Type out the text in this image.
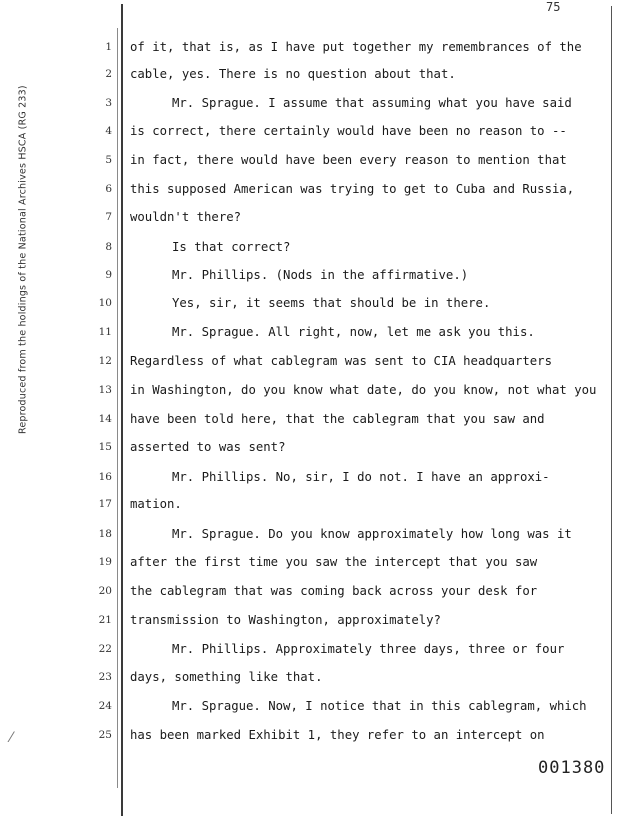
75
Reproduced from the holdings of the National Archives HSCA (RG 233)
1 of it, that is, as I have put together my remembrances of the
2 cable, yes. There is no question about that.
3	Mr. Sprague. I assume that assuming what you have said
4 is correct, there certainly would have been no reason to --
5 in fact, there would have been every reason to mention that
6 this supposed American was trying to get to Cuba and Russia,
7 wouldn't there?
8	Is that correct?
9	Mr. Phillips. (Nods in the affirmative.)
10	Yes, sir, it seems that should be in there.
11	Mr. Sprague. All right, now, let me ask you this.
12 Regardless of what cablegram was sent to CIA headquarters
13 in Washington, do you know what date, do you know, not what you
14 have been told here, that the cablegram that you saw and
15 asserted to was sent?
16	Mr. Phillips. No, sir, I do not. I have an approxi-
17 mation.
18	Mr. Sprague. Do you know approximately how long was it
19 after the first time you saw the intercept that you saw
20 the cablegram that was coming back across your desk for
21 transmission to Washington, approximately?
22	Mr. Phillips. Approximately three days, three or four
23 days, something like that.
24	Mr. Sprague. Now, I notice that in this cablegram, which
25 has been marked Exhibit 1, they refer to an intercept on
001380
⁄
